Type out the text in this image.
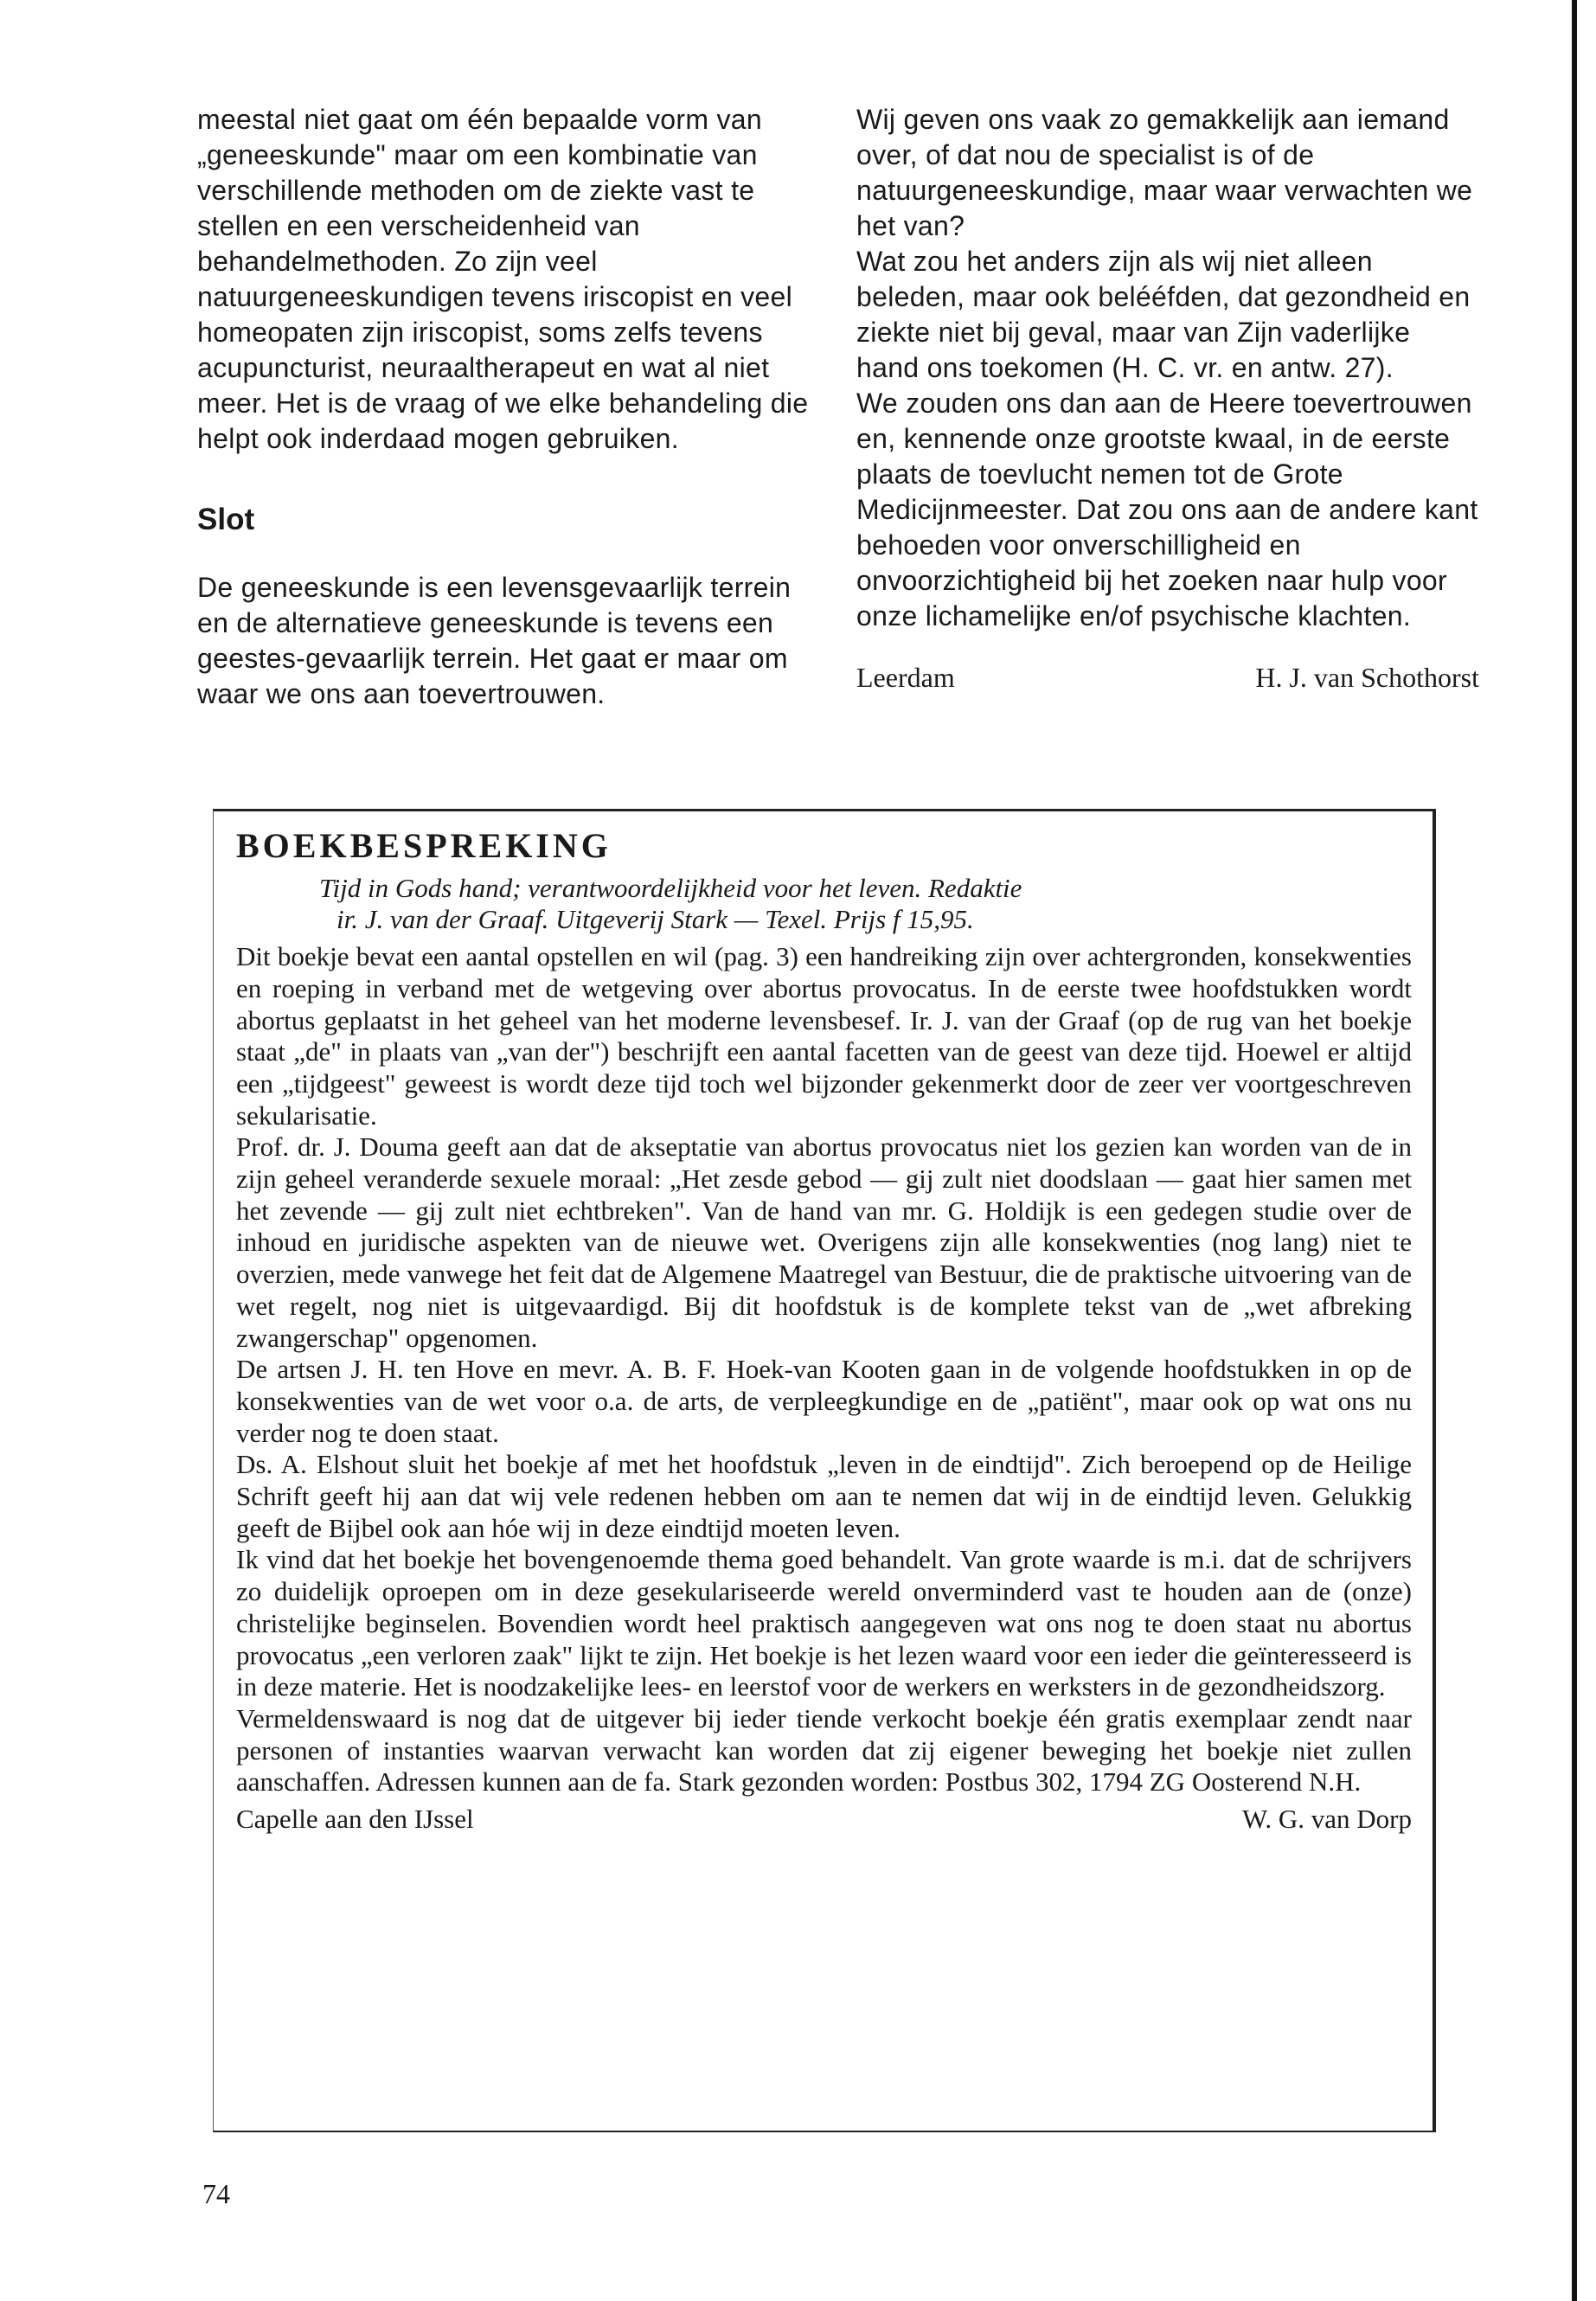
meestal niet gaat om één bepaalde vorm van „geneeskunde" maar om een kombinatie van verschillende methoden om de ziekte vast te stellen en een verscheidenheid van behandelmethoden. Zo zijn veel natuurgeneeskundigen tevens iriscopist en veel homeopaten zijn iriscopist, soms zelfs tevens acupuncturist, neuraaltherapeut en wat al niet meer. Het is de vraag of we elke behandeling die helpt ook inderdaad mogen gebruiken.

Slot

De geneeskunde is een levensgevaarlijk terrein en de alternatieve geneeskunde is tevens een geestes-gevaarlijk terrein. Het gaat er maar om waar we ons aan toevertrouwen.

Wij geven ons vaak zo gemakkelijk aan iemand over, of dat nou de specialist is of de natuurgeneeskundige, maar waar verwachten we het van?

Wat zou het anders zijn als wij niet alleen beleden, maar ook belééfden, dat gezondheid en ziekte niet bij geval, maar van Zijn vaderlijke hand ons toekomen (H. C. vr. en antw. 27).

We zouden ons dan aan de Heere toevertrouwen en, kennende onze grootste kwaal, in de eerste plaats de toevlucht nemen tot de Grote Medicijnmeester. Dat zou ons aan de andere kant behoeden voor onverschilligheid en onvoorzichtigheid bij het zoeken naar hulp voor onze lichamelijke en/of psychische klachten.

Leerdam	H. J. van Schothorst
BOEKBESPREKING
Tijd in Gods hand; verantwoordelijkheid voor het leven. Redaktie
ir. J. van der Graaf. Uitgeverij Stark — Texel. Prijs f 15,95.

Dit boekje bevat een aantal opstellen en wil (pag. 3) een handreiking zijn over achtergronden, konsekwenties en roeping in verband met de wetgeving over abortus provocatus. In de eerste twee hoofdstukken wordt abortus geplaatst in het geheel van het moderne levensbesef. Ir. J. van der Graaf (op de rug van het boekje staat „de" in plaats van „van der") beschrijft een aantal facetten van de geest van deze tijd. Hoewel er altijd een „tijdgeest" geweest is wordt deze tijd toch wel bijzonder gekenmerkt door de zeer ver voortgeschreven sekularisatie.

Prof. dr. J. Douma geeft aan dat de akseptatie van abortus provocatus niet los gezien kan worden van de in zijn geheel veranderde sexuele moraal: „Het zesde gebod — gij zult niet doodslaan — gaat hier samen met het zevende — gij zult niet echtbreken". Van de hand van mr. G. Holdijk is een gedegen studie over de inhoud en juridische aspekten van de nieuwe wet. Overigens zijn alle konsekwenties (nog lang) niet te overzien, mede vanwege het feit dat de Algemene Maatregel van Bestuur, die de praktische uitvoering van de wet regelt, nog niet is uitgevaardigd. Bij dit hoofdstuk is de komplete tekst van de „wet afbreking zwangerschap" opgenomen.

De artsen J. H. ten Hove en mevr. A. B. F. Hoek-van Kooten gaan in de volgende hoofdstukken in op de konsekwenties van de wet voor o.a. de arts, de verpleegkundige en de „patiënt", maar ook op wat ons nu verder nog te doen staat.

Ds. A. Elshout sluit het boekje af met het hoofdstuk „leven in de eindtijd". Zich beroepend op de Heilige Schrift geeft hij aan dat wij vele redenen hebben om aan te nemen dat wij in de eindtijd leven. Gelukkig geeft de Bijbel ook aan hóe wij in deze eindtijd moeten leven.

Ik vind dat het boekje het bovengenoemde thema goed behandelt. Van grote waarde is m.i. dat de schrijvers zo duidelijk oproepen om in deze gesekulariseerde wereld onverminderd vast te houden aan de (onze) christelijke beginselen. Bovendien wordt heel praktisch aangegeven wat ons nog te doen staat nu abortus provocatus „een verloren zaak" lijkt te zijn. Het boekje is het lezen waard voor een ieder die geïnteresseerd is in deze materie. Het is noodzakelijke lees- en leerstof voor de werkers en werksters in de gezondheidszorg.

Vermeldenswaard is nog dat de uitgever bij ieder tiende verkocht boekje één gratis exemplaar zendt naar personen of instanties waarvan verwacht kan worden dat zij eigener beweging het boekje niet zullen aanschaffen. Adressen kunnen aan de fa. Stark gezonden worden: Postbus 302, 1794 ZG Oosterend N.H.

Capelle aan den IJssel	W. G. van Dorp
74
